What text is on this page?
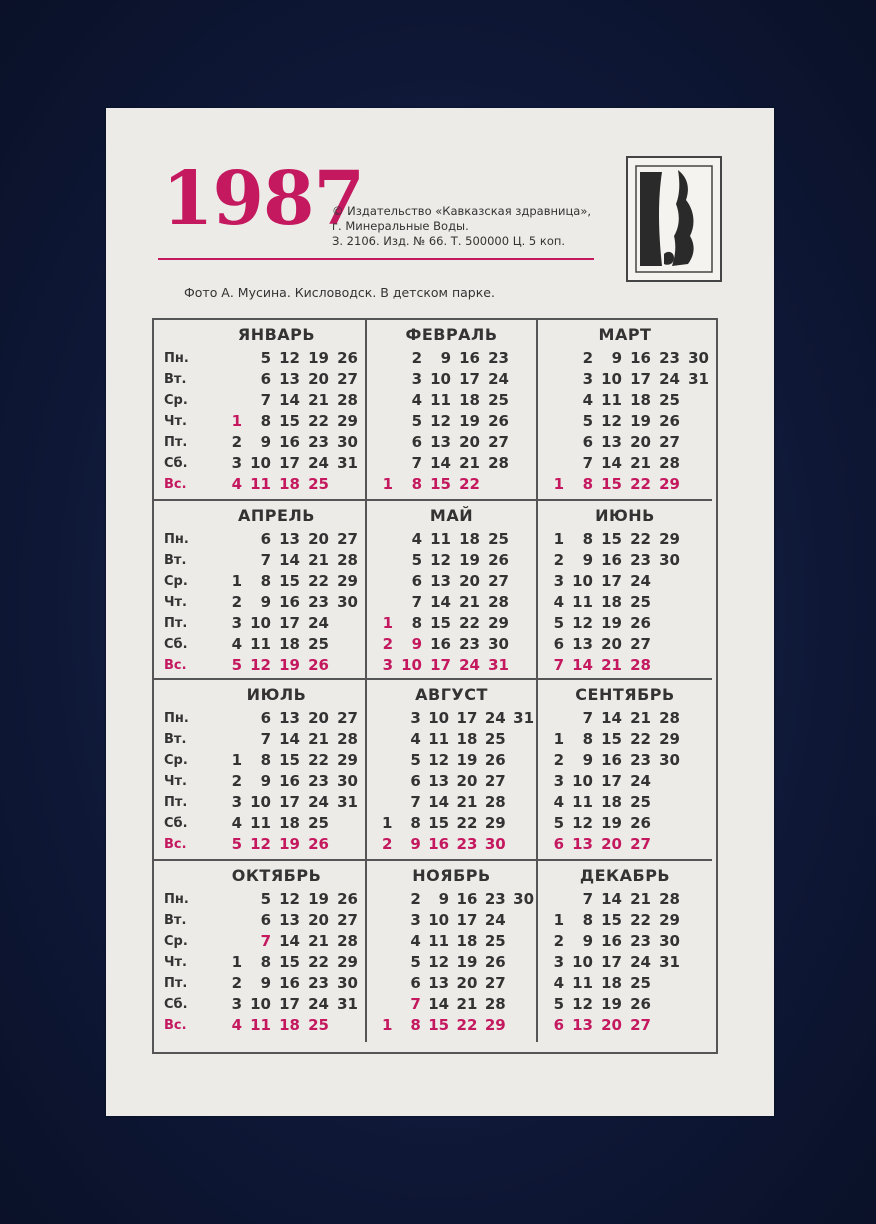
1987
© Издательство «Кавказская здравница»,
г. Минеральные Воды.
З. 2106. Изд. № 66. Т. 500000 Ц. 5 коп.
Фото А. Мусина. Кисловодск. В детском парке.
ЯНВАРЬ
Пн.
Вт.
Ср.
Чт.
Пт.
Сб.
Вс.
1
2
3
4
5
6
7
8
9
10
11
12
13
14
15
16
17
18
19
20
21
22
23
24
25
26
27
28
29
30
31
ФЕВРАЛЬ
1
2
3
4
5
6
7
8
9
10
11
12
13
14
15
16
17
18
19
20
21
22
23
24
25
26
27
28
МАРТ
1
2
3
4
5
6
7
8
9
10
11
12
13
14
15
16
17
18
19
20
21
22
23
24
25
26
27
28
29
30
31
АПРЕЛЬ
Пн.
Вт.
Ср.
Чт.
Пт.
Сб.
Вс.
1
2
3
4
5
6
7
8
9
10
11
12
13
14
15
16
17
18
19
20
21
22
23
24
25
26
27
28
29
30
МАЙ
1
2
3
4
5
6
7
8
9
10
11
12
13
14
15
16
17
18
19
20
21
22
23
24
25
26
27
28
29
30
31
ИЮНЬ
1
2
3
4
5
6
7
8
9
10
11
12
13
14
15
16
17
18
19
20
21
22
23
24
25
26
27
28
29
30
ИЮЛЬ
Пн.
Вт.
Ср.
Чт.
Пт.
Сб.
Вс.
1
2
3
4
5
6
7
8
9
10
11
12
13
14
15
16
17
18
19
20
21
22
23
24
25
26
27
28
29
30
31
АВГУСТ
1
2
3
4
5
6
7
8
9
10
11
12
13
14
15
16
17
18
19
20
21
22
23
24
25
26
27
28
29
30
31
СЕНТЯБРЬ
1
2
3
4
5
6
7
8
9
10
11
12
13
14
15
16
17
18
19
20
21
22
23
24
25
26
27
28
29
30
ОКТЯБРЬ
Пн.
Вт.
Ср.
Чт.
Пт.
Сб.
Вс.
1
2
3
4
5
6
7
8
9
10
11
12
13
14
15
16
17
18
19
20
21
22
23
24
25
26
27
28
29
30
31
НОЯБРЬ
1
2
3
4
5
6
7
8
9
10
11
12
13
14
15
16
17
18
19
20
21
22
23
24
25
26
27
28
29
30
ДЕКАБРЬ
1
2
3
4
5
6
7
8
9
10
11
12
13
14
15
16
17
18
19
20
21
22
23
24
25
26
27
28
29
30
31
